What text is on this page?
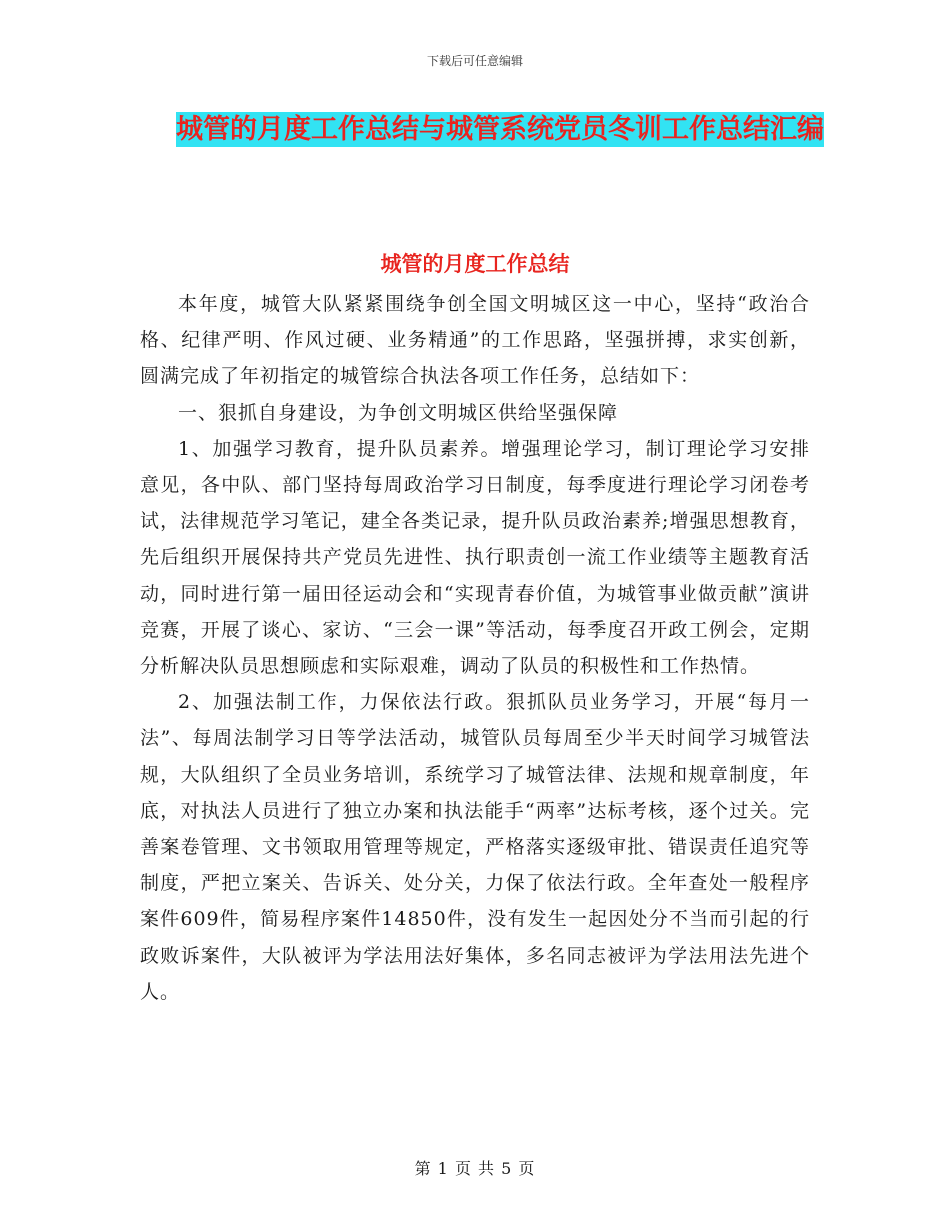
下载后可任意编辑
城管的月度工作总结与城管系统党员冬训工作总结汇编
城管的月度工作总结

本年度，城管大队紧紧围绕争创全国文明城区这一中心，坚持“政治合格、纪律严明、作风过硬、业务精通”的工作思路，坚强拼搏，求实创新，圆满完成了年初指定的城管综合执法各项工作任务，总结如下：

一、狠抓自身建设，为争创文明城区供给坚强保障

1、加强学习教育，提升队员素养。增强理论学习，制订理论学习安排意见，各中队、部门坚持每周政治学习日制度，每季度进行理论学习闭卷考试，法律规范学习笔记，建全各类记录，提升队员政治素养;增强思想教育，先后组织开展保持共产党员先进性、执行职责创一流工作业绩等主题教育活动，同时进行第一届田径运动会和“实现青春价值，为城管事业做贡献”演讲竞赛，开展了谈心、家访、“三会一课”等活动，每季度召开政工例会，定期分析解决队员思想顾虑和实际艰难，调动了队员的积极性和工作热情。

2、加强法制工作，力保依法行政。狠抓队员业务学习，开展“每月一法”、每周法制学习日等学法活动，城管队员每周至少半天时间学习城管法规，大队组织了全员业务培训，系统学习了城管法律、法规和规章制度，年底，对执法人员进行了独立办案和执法能手“两率”达标考核，逐个过关。完善案卷管理、文书领取用管理等规定，严格落实逐级审批、错误责任追究等制度，严把立案关、告诉关、处分关，力保了依法行政。全年查处一般程序案件609件，简易程序案件14850件，没有发生一起因处分不当而引起的行政败诉案件，大队被评为学法用法好集体，多名同志被评为学法用法先进个人。

第 1 页 共 5 页
